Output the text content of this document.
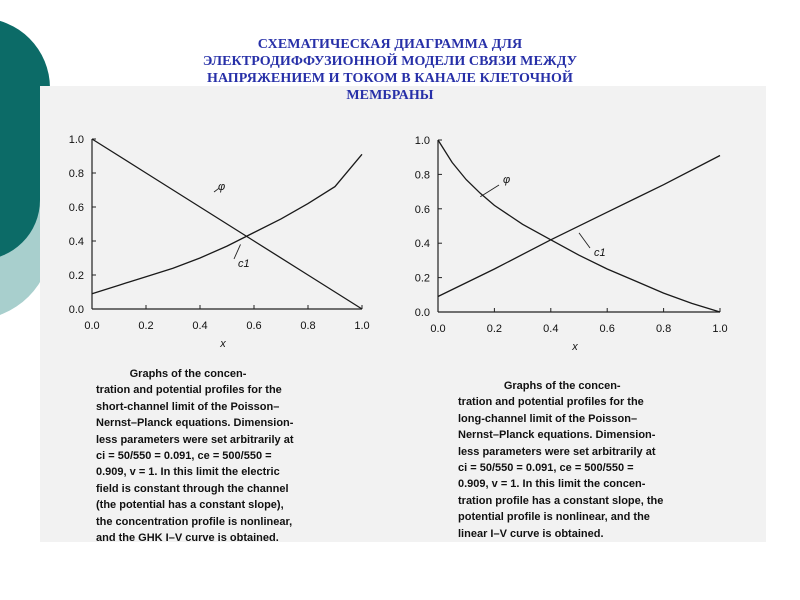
СХЕМАТИЧЕСКАЯ ДИАГРАММА ДЛЯ
ЭЛЕКТРОДИФФУЗИОННОЙ МОДЕЛИ СВЯЗИ МЕЖДУ
НАПРЯЖЕНИЕМ И ТОКОМ В КАНАЛЕ КЛЕТОЧНОЙ
МЕМБРАНЫ
0.0
0.2
0.4
0.6
0.8
1.0
0.0	0.2	0.4	0.6	0.8	1.0
x
φ
c1
0.0
0.2
0.4
0.6
0.8
1.0
0.0	0.2	0.4	0.6	0.8	1.0
x
φ
c1
Graphs of the concen-
tration and potential profiles for the
short-channel limit of the Poisson–
Nernst–Planck equations. Dimension-
less parameters were set arbitrarily at
ci = 50/550 = 0.091, ce = 500/550 =
0.909, v = 1. In this limit the electric
field is constant through the channel
(the potential has a constant slope),
the concentration profile is nonlinear,
and the GHK I–V curve is obtained.
Graphs of the concen-
tration and potential profiles for the
long-channel limit of the Poisson–
Nernst–Planck equations. Dimension-
less parameters were set arbitrarily at
ci = 50/550 = 0.091, ce = 500/550 =
0.909, v = 1. In this limit the concen-
tration profile has a constant slope, the
potential profile is nonlinear, and the
linear I–V curve is obtained.
